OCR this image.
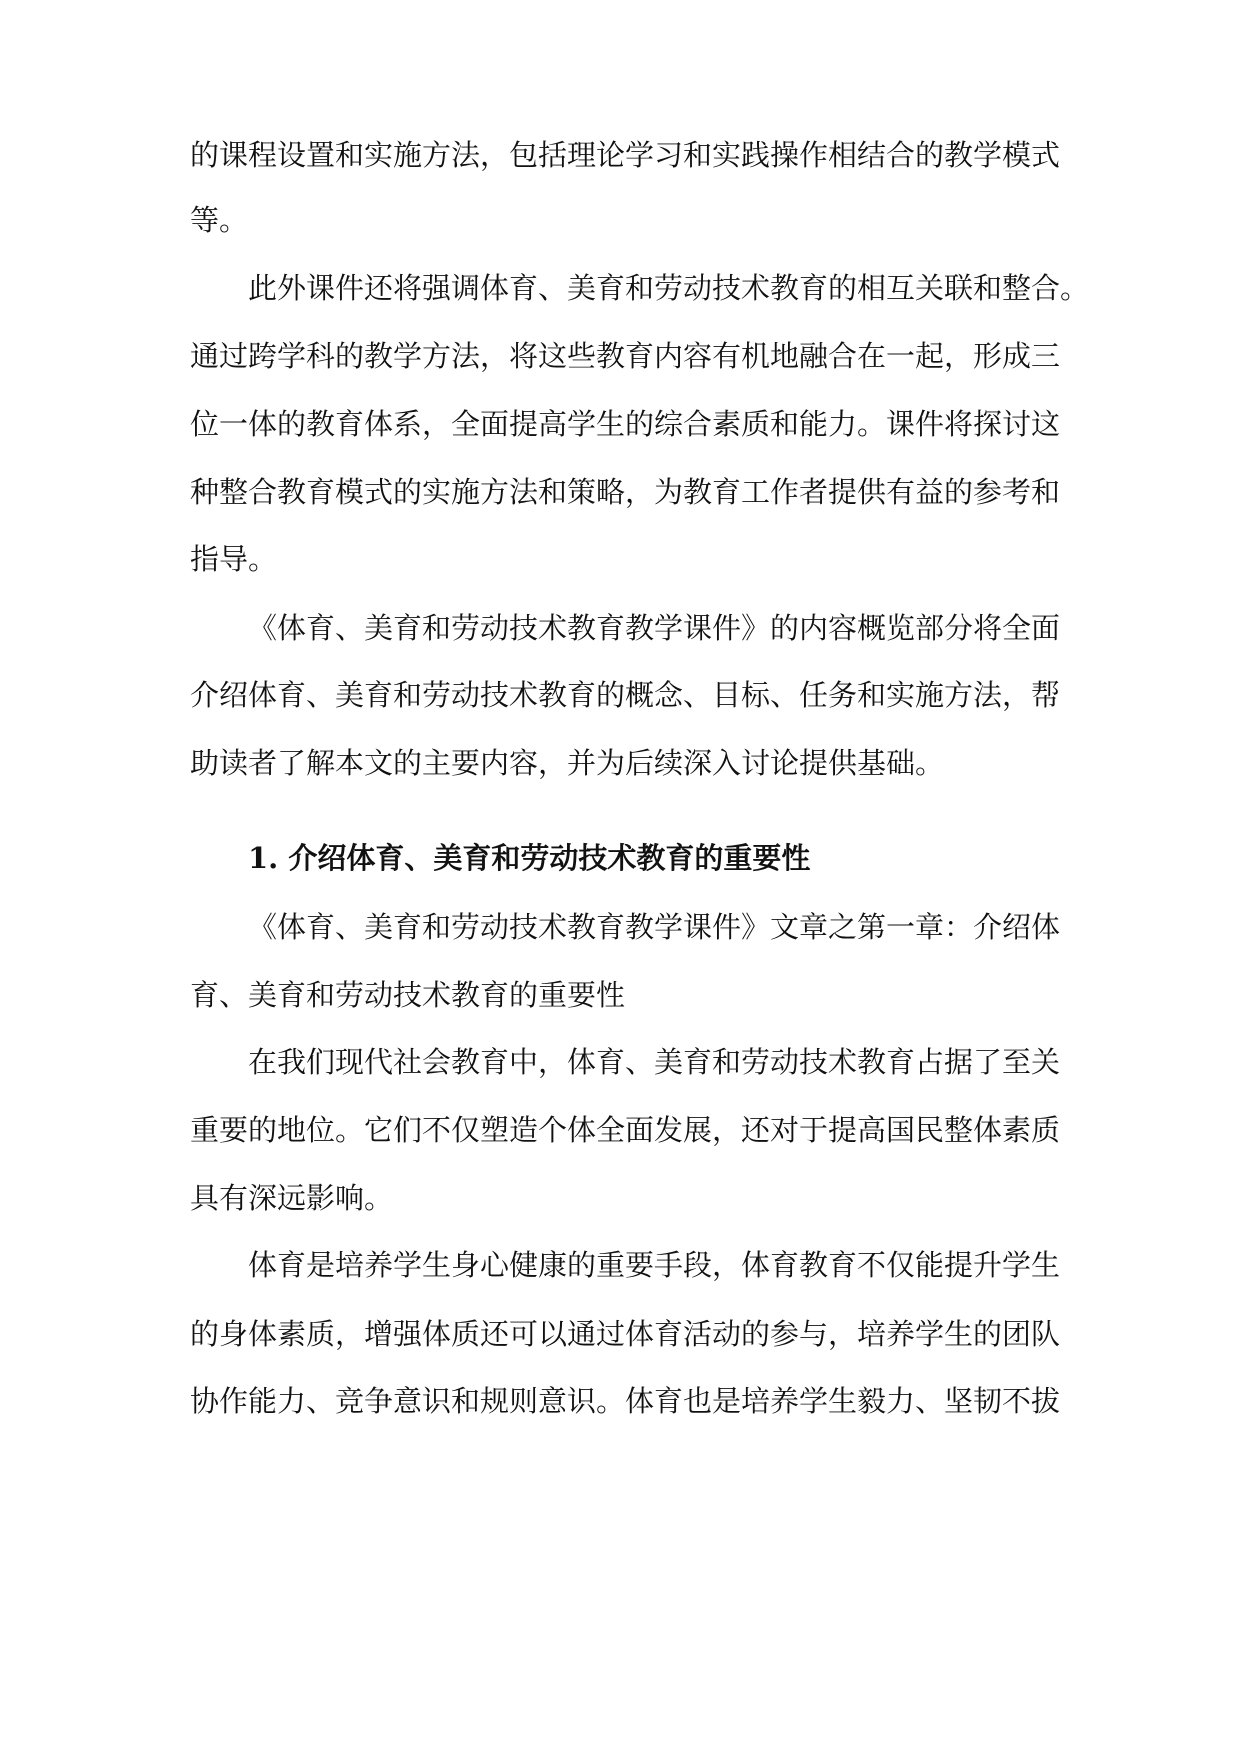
的课程设置和实施方法，包括理论学习和实践操作相结合的教学模式
等。
此外课件还将强调体育、美育和劳动技术教育的相互关联和整合。
通过跨学科的教学方法，将这些教育内容有机地融合在一起，形成三
位一体的教育体系，全面提高学生的综合素质和能力。课件将探讨这
种整合教育模式的实施方法和策略，为教育工作者提供有益的参考和
指导。
《体育、美育和劳动技术教育教学课件》的内容概览部分将全面
介绍体育、美育和劳动技术教育的概念、目标、任务和实施方法，帮
助读者了解本文的主要内容，并为后续深入讨论提供基础。
1. 介绍体育、美育和劳动技术教育的重要性
《体育、美育和劳动技术教育教学课件》文章之第一章：介绍体
育、美育和劳动技术教育的重要性
在我们现代社会教育中，体育、美育和劳动技术教育占据了至关
重要的地位。它们不仅塑造个体全面发展，还对于提高国民整体素质
具有深远影响。
体育是培养学生身心健康的重要手段，体育教育不仅能提升学生
的身体素质，增强体质还可以通过体育活动的参与，培养学生的团队
协作能力、竞争意识和规则意识。体育也是培养学生毅力、坚韧不拔
